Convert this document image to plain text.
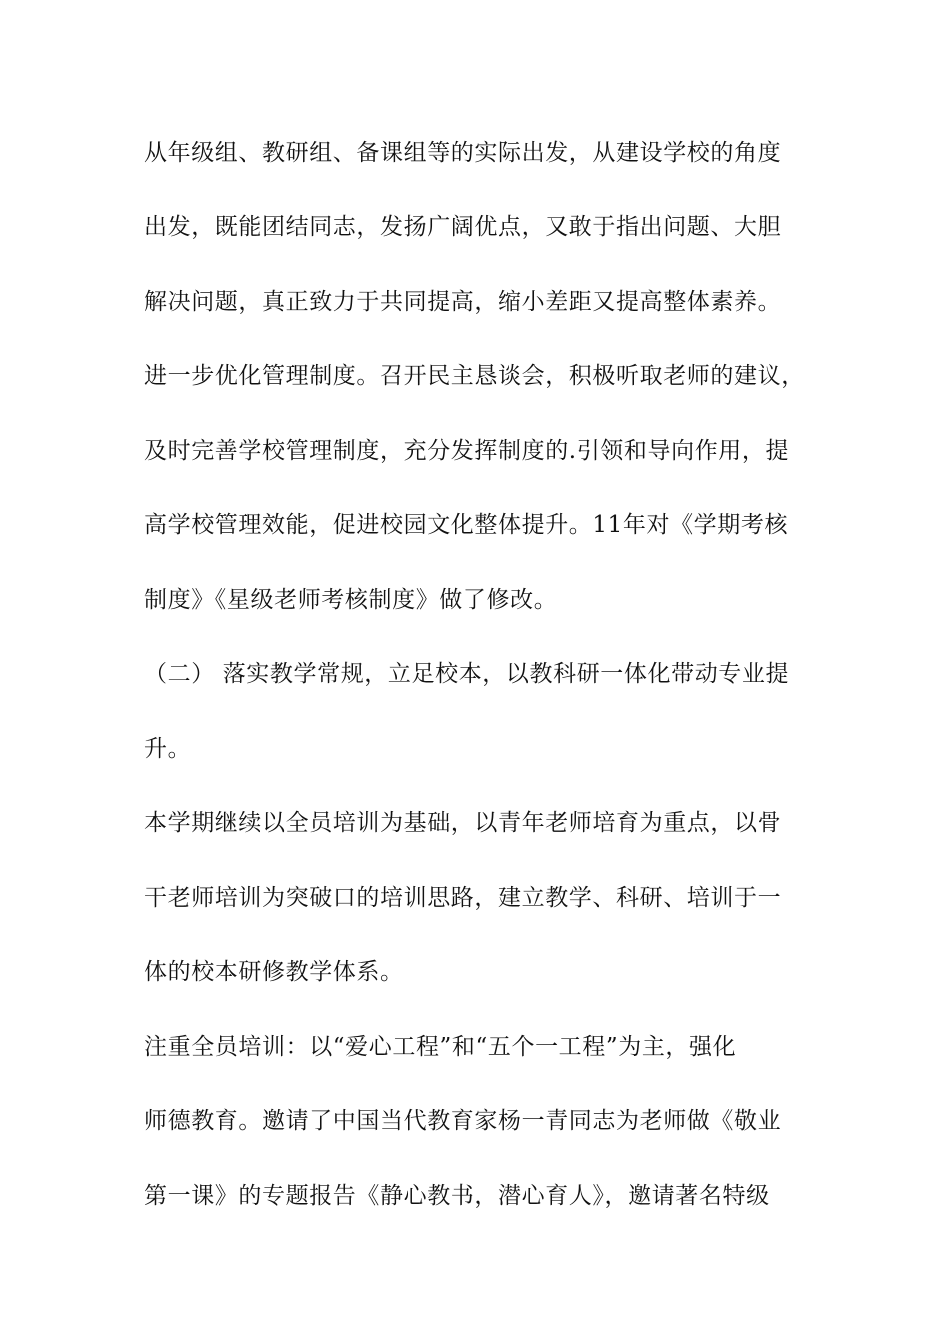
从年级组、教研组、备课组等的实际出发，从建设学校的角度
出发，既能团结同志，发扬广阔优点，又敢于指出问题、大胆
解决问题，真正致力于共同提高，缩小差距又提高整体素养。
进一步优化管理制度。召开民主恳谈会，积极听取老师的建议，
及时完善学校管理制度，充分发挥制度的.引领和导向作用，提
高学校管理效能，促进校园文化整体提升。11年对《学期考核
制度》《星级老师考核制度》做了修改。
（二） 落实教学常规，立足校本，以教科研一体化带动专业提
升。
本学期继续以全员培训为基础，以青年老师培育为重点，以骨
干老师培训为突破口的培训思路，建立教学、科研、培训于一
体的校本研修教学体系。
注重全员培训：以“爱心工程”和“五个一工程”为主，强化
师德教育。邀请了中国当代教育家杨一青同志为老师做《敬业
第一课》的专题报告《静心教书，潜心育人》，邀请著名特级
